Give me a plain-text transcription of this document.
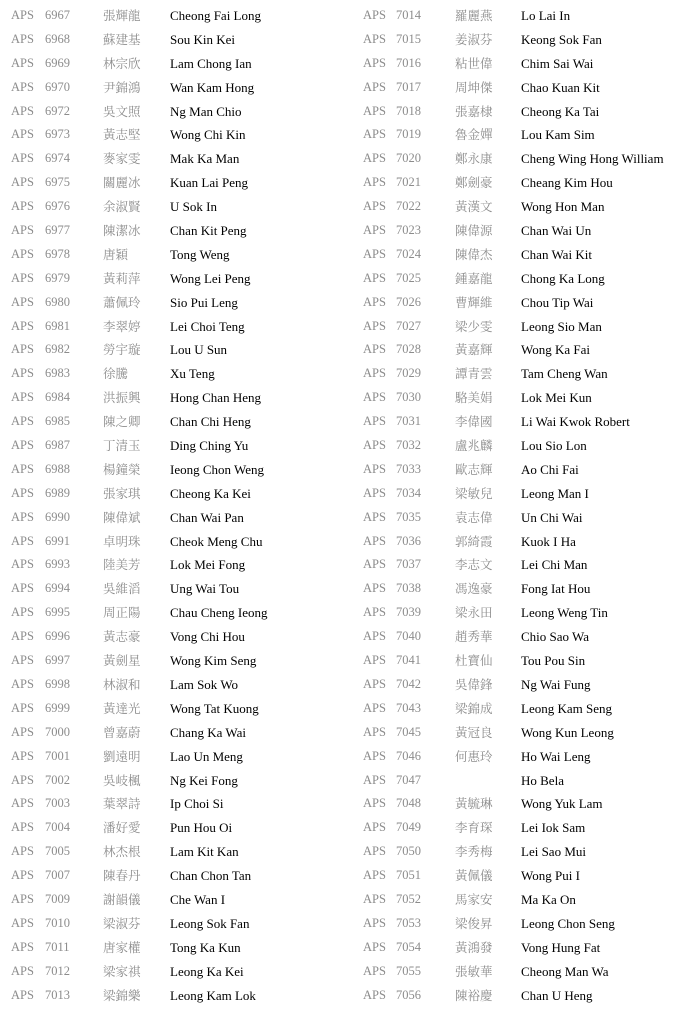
APS 6967	張輝龍 Cheong Fai Long
APS 6968	蘇建基 Sou Kin Kei
APS 6969	林宗欣 Lam Chong Ian
APS 6970	尹錦鴻 Wan Kam Hong
APS 6972	吳文照 Ng Man Chio
APS 6973	黃志堅 Wong Chi Kin
APS 6974	麥家雯 Mak Ka Man
APS 6975	關麗冰 Kuan Lai Peng
APS 6976	余淑賢 U Sok In
APS 6977	陳潔冰 Chan Kit Peng
APS 6978	唐穎	Tong Weng
APS 6979	黃莉萍 Wong Lei Peng
APS 6980	蕭佩玲 Sio Pui Leng
APS 6981	李翠婷 Lei Choi Teng
APS 6982	勞宇璇 Lou U Sun
APS 6983	徐騰	Xu Teng
APS 6984	洪振興 Hong Chan Heng
APS 6985	陳之卿 Chan Chi Heng
APS 6987	丁清玉 Ding Ching Yu
APS 6988	楊鐘榮 Ieong Chon Weng
APS 6989	張家琪 Cheong Ka Kei
APS 6990	陳偉斌 Chan Wai Pan
APS 6991	卓明珠 Cheok Meng Chu
APS 6993	陸美芳 Lok Mei Fong
APS 6994	吳維滔 Ung Wai Tou
APS 6995	周正陽 Chau Cheng Ieong
APS 6996	黃志豪 Vong Chi Hou
APS 6997	黃劍星 Wong Kim Seng
APS 6998	林淑和 Lam Sok Wo
APS 6999	黃達光 Wong Tat Kuong
APS 7000	曾嘉蔚 Chang Ka Wai
APS 7001	劉遠明 Lao Un Meng
APS 7002	吳岐楓 Ng Kei Fong
APS 7003	葉翠詩 Ip Choi Si
APS 7004	潘好愛 Pun Hou Oi
APS 7005	林杰根 Lam Kit Kan
APS 7007	陳春丹 Chan Chon Tan
APS 7009	謝韻儀 Che Wan I
APS 7010	梁淑芬 Leong Sok Fan
APS 7011	唐家權 Tong Ka Kun
APS 7012	梁家祺 Leong Ka Kei
APS 7013	梁錦樂 Leong Kam Lok
APS 7014	羅麗燕 Lo Lai In
APS 7015	姜淑芬 Keong Sok Fan
APS 7016	粘世偉 Chim Sai Wai
APS 7017	周坤傑 Chao Kuan Kit
APS 7018	張嘉棣 Cheong Ka Tai
APS 7019	魯金嬋 Lou Kam Sim
APS 7020	鄭永康 Cheng Wing Hong William
APS 7021	鄭劍豪 Cheang Kim Hou
APS 7022	黃漢文 Wong Hon Man
APS 7023	陳偉源 Chan Wai Un
APS 7024	陳偉杰 Chan Wai Kit
APS 7025	鍾嘉龍 Chong Ka Long
APS 7026	曹輝維 Chou Tip Wai
APS 7027	梁少雯 Leong Sio Man
APS 7028	黃嘉輝 Wong Ka Fai
APS 7029	譚青雲 Tam Cheng Wan
APS 7030	駱美娟 Lok Mei Kun
APS 7031	李偉國 Li Wai Kwok Robert
APS 7032	盧兆麟 Lou Sio Lon
APS 7033	歐志輝 Ao Chi Fai
APS 7034	梁敏兒 Leong Man I
APS 7035	袁志偉 Un Chi Wai
APS 7036	郭綺霞 Kuok I Ha
APS 7037	李志文 Lei Chi Man
APS 7038	馮逸豪 Fong Iat Hou
APS 7039	梁永田 Leong Weng Tin
APS 7040	趙秀華 Chio Sao Wa
APS 7041	杜寶仙 Tou Pou Sin
APS 7042	吳偉鋒 Ng Wai Fung
APS 7043	梁錦成 Leong Kam Seng
APS 7045	黃冠良 Wong Kun Leong
APS 7046	何惠玲 Ho Wai Leng
APS 7047	Ho Bela
APS 7048	黃毓琳 Wong Yuk Lam
APS 7049	李育琛 Lei Iok Sam
APS 7050	李秀梅 Lei Sao Mui
APS 7051	黃佩儀 Wong Pui I
APS 7052	馬家安 Ma Ka On
APS 7053	梁俊昇 Leong Chon Seng
APS 7054	黃鴻發 Vong Hung Fat
APS 7055	張敏華 Cheong Man Wa
APS 7056	陳裕慶 Chan U Heng
